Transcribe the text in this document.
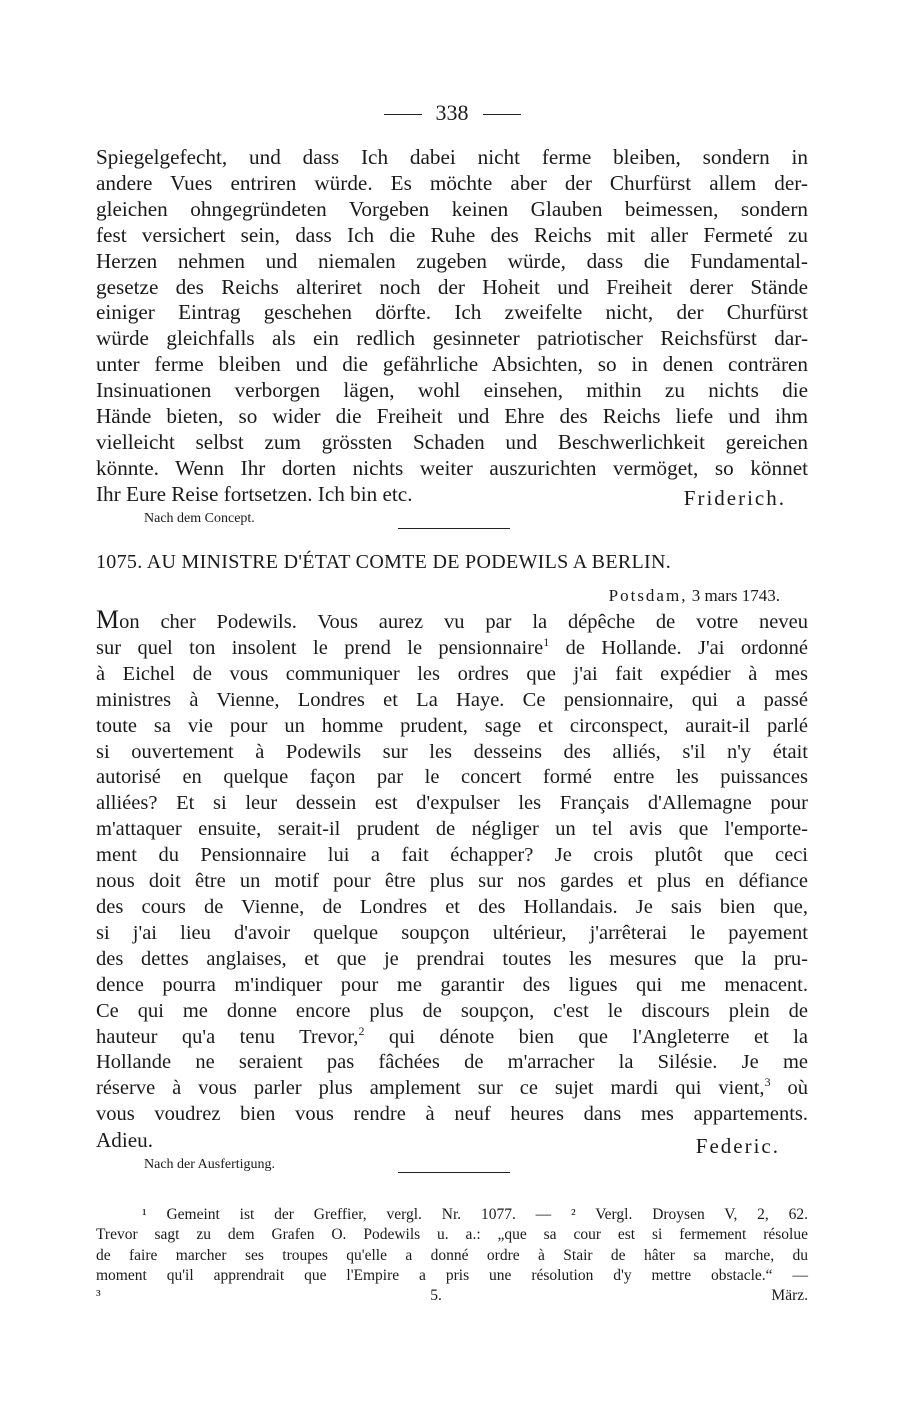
338
Spiegelgefecht, und dass Ich dabei nicht ferme bleiben, sondern in
andere Vues entriren würde. Es möchte aber der Churfürst allem der-
gleichen ohngegründeten Vorgeben keinen Glauben beimessen, sondern
fest versichert sein, dass Ich die Ruhe des Reichs mit aller Fermeté zu
Herzen nehmen und niemalen zugeben würde, dass die Fundamental-
gesetze des Reichs alteriret noch der Hoheit und Freiheit derer Stände
einiger Eintrag geschehen dörfte. Ich zweifelte nicht, der Churfürst
würde gleichfalls als ein redlich gesinneter patriotischer Reichsfürst dar-
unter ferme bleiben und die gefährliche Absichten, so in denen conträren
Insinuationen verborgen lägen, wohl einsehen, mithin zu nichts die
Hände bieten, so wider die Freiheit und Ehre des Reichs liefe und ihm
vielleicht selbst zum grössten Schaden und Beschwerlichkeit gereichen
könnte. Wenn Ihr dorten nichts weiter auszurichten vermöget, so könnet
Ihr Eure Reise fortsetzen. Ich bin etc.	Friderich.
Nach dem Concept.
1075. AU MINISTRE D'ÉTAT COMTE DE PODEWILS A BERLIN.
Potsdam, 3 mars 1743.
Mon cher Podewils. Vous aurez vu par la dépêche de votre neveu
sur quel ton insolent le prend le pensionnaire$^1$ de Hollande. J'ai ordonné
à Eichel de vous communiquer les ordres que j'ai fait expédier à mes
ministres à Vienne, Londres et La Haye. Ce pensionnaire, qui a passé
toute sa vie pour un homme prudent, sage et circonspect, aurait-il parlé
si ouvertement à Podewils sur les desseins des alliés, s'il n'y était
autorisé en quelque façon par le concert formé entre les puissances
alliées? Et si leur dessein est d'expulser les Français d'Allemagne pour
m'attaquer ensuite, serait-il prudent de négliger un tel avis que l'emporte-
ment du Pensionnaire lui a fait échapper? Je crois plutôt que ceci
nous doit être un motif pour être plus sur nos gardes et plus en défiance
des cours de Vienne, de Londres et des Hollandais. Je sais bien que,
si j'ai lieu d'avoir quelque soupçon ultérieur, j'arrêterai le payement
des dettes anglaises, et que je prendrai toutes les mesures que la pru-
dence pourra m'indiquer pour me garantir des ligues qui me menacent.
Ce qui me donne encore plus de soupçon, c'est le discours plein de
hauteur qu'a tenu Trevor,$^2$ qui dénote bien que l'Angleterre et la
Hollande ne seraient pas fâchées de m'arracher la Silésie. Je me
réserve à vous parler plus amplement sur ce sujet mardi qui vient,$^3$ où
vous voudrez bien vous rendre à neuf heures dans mes appartements.
Adieu.	Federic.
Nach der Ausfertigung.
¹ Gemeint ist der Greffier, vergl. Nr. 1077. — ² Vergl. Droysen V, 2, 62.
Trevor sagt zu dem Grafen O. Podewils u. a.: „que sa cour est si fermement résolue
de faire marcher ses troupes qu'elle a donné ordre à Stair de hâter sa marche, du
moment qu'il apprendrait que l'Empire a pris une résolution d'y mettre obstacle.“ —
³ 5. März.
